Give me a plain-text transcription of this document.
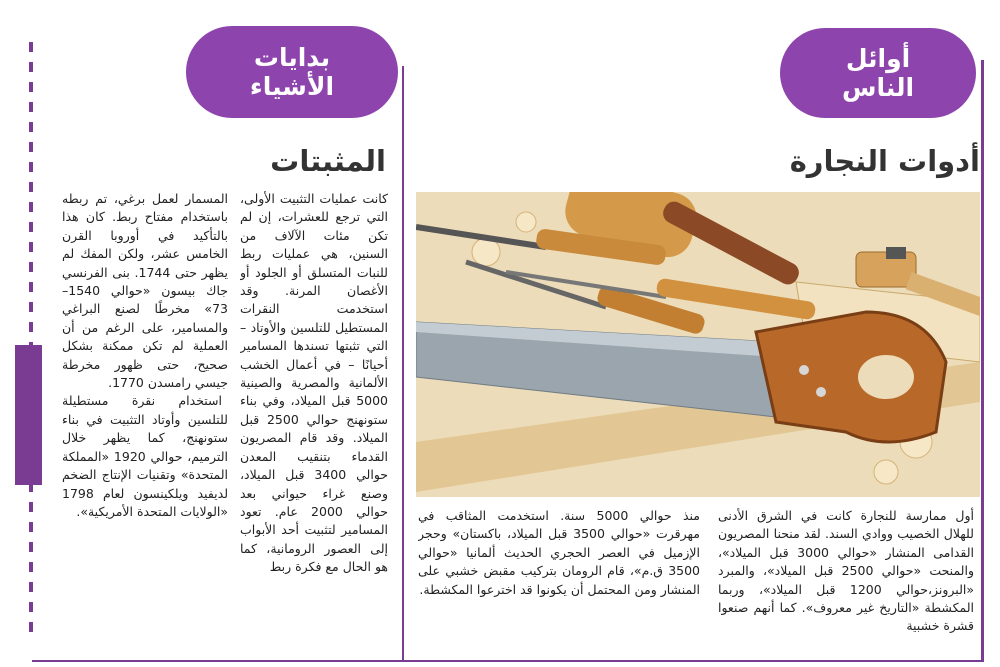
أوائل
الناس
أدوات النجارة

أول ممارسة للنجارة كانت في الشرق الأدنى للهلال الخصيب ووادي السند. لقد منحنا المصريون القدامى المنشار «حوالي 3000 قبل الميلاد»، والمنحت «حوالي 2500 قبل الميلاد»، والمبرد «البرونز،حوالي 1200 قبل الميلاد»، وربما المكشطة «التاريخ غير معروف». كما أنهم صنعوا قشرة خشبية

منذ حوالي 5000 سنة. استخدمت المثاقب في مهرقرت «حوالي 3500 قبل الميلاد، باكستان» وحجر الإزميل في العصر الحجري الحديث ألمانيا «حوالي 3500 ق.م»، قام الرومان بتركيب مقبض خشبي على المنشار ومن المحتمل أن يكونوا قد اخترعوا المكشطة.

بدايات
الأشياء
المثبتات

كانت عمليات التثبيت الأولى، التي ترجع للعشرات، إن لم تكن مئات الآلاف من السنين، هي عمليات ربط للنبات المتسلق أو الجلود أو الأغصان المرنة. وقد استخدمت النقرات المستطيل للتلسين والأوتاد – التي تثبتها تسندها المسامير أحيانًا – في أعمال الخشب الألمانية والمصرية والصينية 5000 قبل الميلاد، وفي بناء ستونهنج حوالي 2500 قبل الميلاد. وقد قام المصريون القدماء بتنقيب المعدن حوالي 3400 قبل الميلاد، وصنع غراء حيواني بعد حوالي 2000 عام. تعود المسامير لتثبيت أحد الأبواب إلى العصور الرومانية، كما هو الحال مع فكرة ربط

المسمار لعمل برغي، تم ربطه باستخدام مفتاح ربط. كان هذا بالتأكيد في أوروبا القرن الخامس عشر، ولكن المفك لم يظهر حتى 1744. بنى الفرنسي جاك بيسون «حوالي 1540–73» مخرطًا لصنع البراغي والمسامير، على الرغم من أن العملية لم تكن ممكنة بشكل صحيح، حتى ظهور مخرطة جيسي رامسدن 1770.

استخدام نقرة مستطيلة للتلسين وأوتاد التثبيت في بناء ستونهنج، كما يظهر خلال الترميم، حوالي 1920 «المملكة المتحدة» وتقنيات الإنتاج الضخم لديفيد ويلكينسون لعام 1798 «الولايات المتحدة الأمريكية».
